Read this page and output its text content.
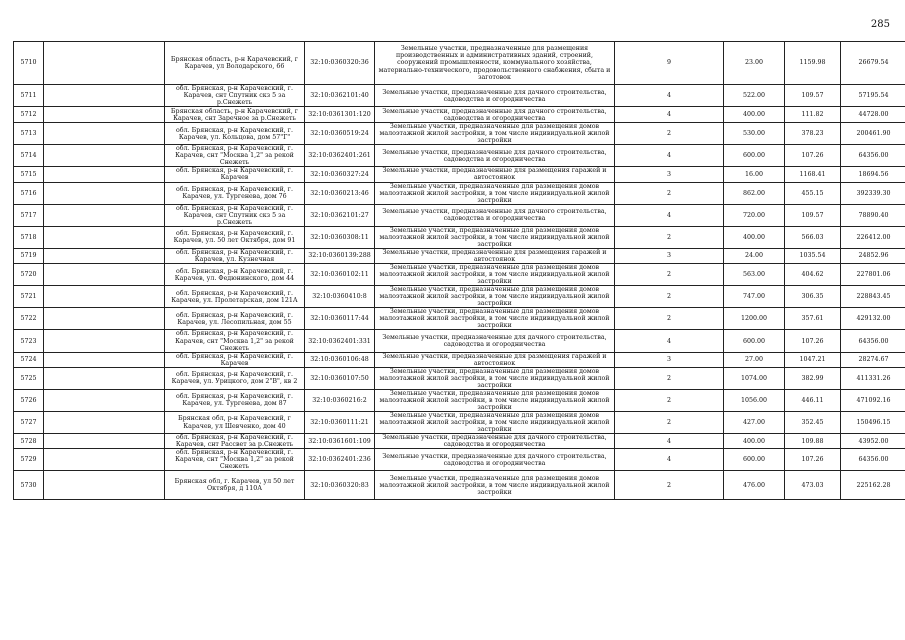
285
5710		Брянская область, р-н Карачевский, г Карачев, ул Володарского, 66	32:10:0360320:36	Земельные участки, предназначенные для размещения производственных и административных зданий, строений, сооружений промышленности, коммунального хозяйства, материально-технического, продовольственного снабжения, сбыта и заготовок	9	23.00	1159.98	26679.54
5711		обл. Брянская, р-н Карачевский, г. Карачев, снт Спутник скз 5 за р.Снежеть	32:10:0362101:40	Земельные участки, предназначенные для дачного строительства, садоводства и огородничества	4	522.00	109.57	57195.54
5712		Брянская область, р-н Карачевский, г Карачев, снт Заречное за р.Снежеть	32:10:0361301:120	Земельные участки, предназначенные для дачного строительства, садоводства и огородничества	4	400.00	111.82	44728.00
5713		обл. Брянская, р-н Карачевский, г. Карачев, ул. Кольцова, дом 57"Г"	32:10:0360519:24	Земельные участки, предназначенные для размещения домов малоэтажной жилой застройки, в том числе индивидуальной жилой застройки	2	530.00	378.23	200461.90
5714		обл. Брянская, р-н Карачевский, г. Карачев, снт "Москва 1,2" за рекой Снежеть	32:10:0362401:261	Земельные участки, предназначенные для дачного строительства, садоводства и огородничества	4	600.00	107.26	64356.00
5715		обл. Брянская, р-н Карачевский, г. Карачев	32:10:0360327:24	Земельные участки, предназначенные для размещения гаражей и автостоянок	3	16.00	1168.41	18694.56
5716		обл. Брянская, р-н Карачевский, г. Карачев, ул. Тургенева, дом 76	32:10:0360213:46	Земельные участки, предназначенные для размещения домов малоэтажной жилой застройки, в том числе индивидуальной жилой застройки	2	862.00	455.15	392339.30
5717		обл. Брянская, р-н Карачевский, г. Карачев, снт Спутник скз 5 за р.Снежеть	32:10:0362101:27	Земельные участки, предназначенные для дачного строительства, садоводства и огородничества	4	720.00	109.57	78890.40
5718		обл. Брянская, р-н Карачевский, г. Карачев, ул. 50 лет Октября, дом 91	32:10:0360308:11	Земельные участки, предназначенные для размещения домов малоэтажной жилой застройки, в том числе индивидуальной жилой застройки	2	400.00	566.03	226412.00
5719		обл. Брянская, р-н Карачевский, г. Карачев, ул. Кузнечная	32:10:0360139:288	Земельные участки, предназначенные для размещения гаражей и автостоянок	3	24.00	1035.54	24852.96
5720		обл. Брянская, р-н Карачевский, г. Карачев, ул. Федюнинского, дом 44	32:10:0360102:11	Земельные участки, предназначенные для размещения домов малоэтажной жилой застройки, в том числе индивидуальной жилой застройки	2	563.00	404.62	227801.06
5721		обл. Брянская, р-н Карачевский, г. Карачев, ул. Пролетарская, дом 121А	32:10:0360410:8	Земельные участки, предназначенные для размещения домов малоэтажной жилой застройки, в том числе индивидуальной жилой застройки	2	747.00	306.35	228843.45
5722		обл. Брянская, р-н Карачевский, г. Карачев, ул. Лесопильная, дом 55	32:10:0360117:44	Земельные участки, предназначенные для размещения домов малоэтажной жилой застройки, в том числе индивидуальной жилой застройки	2	1200.00	357.61	429132.00
5723		обл. Брянская, р-н Карачевский, г. Карачев, снт "Москва 1,2" за рекой Снежеть	32:10:0362401:331	Земельные участки, предназначенные для дачного строительства, садоводства и огородничества	4	600.00	107.26	64356.00
5724		обл. Брянская, р-н Карачевский, г. Карачев	32:10:0360106:48	Земельные участки, предназначенные для размещения гаражей и автостоянок	3	27.00	1047.21	28274.67
5725		обл. Брянская, р-н Карачевский, г. Карачев, ул. Урицкого, дом 2"В", кв 2	32:10:0360107:50	Земельные участки, предназначенные для размещения домов малоэтажной жилой застройки, в том числе индивидуальной жилой застройки	2	1074.00	382.99	411331.26
5726		обл. Брянская, р-н Карачевский, г. Карачев, ул. Тургенева, дом 87	32:10:0360216:2	Земельные участки, предназначенные для размещения домов малоэтажной жилой застройки, в том числе индивидуальной жилой застройки	2	1056.00	446.11	471092.16
5727		Брянская обл, р-н Карачевский, г Карачев, ул Шевченко, дом 40	32:10:0360111:21	Земельные участки, предназначенные для размещения домов малоэтажной жилой застройки, в том числе индивидуальной жилой застройки	2	427.00	352.45	150496.15
5728		обл. Брянская, р-н Карачевский, г. Карачев, снт Рассвет за р.Снежеть	32:10:0361601:109	Земельные участки, предназначенные для дачного строительства, садоводства и огородничества	4	400.00	109.88	43952.00
5729		обл. Брянская, р-н Карачевский, г. Карачев, снт "Москва 1,2" за рекой Снежеть	32:10:0362401:236	Земельные участки, предназначенные для дачного строительства, садоводства и огородничества	4	600.00	107.26	64356.00
5730		Брянская обл, г. Карачев, ул 50 лет Октября, д 110А	32:10:0360320:83	Земельные участки, предназначенные для размещения домов малоэтажной жилой застройки, в том числе индивидуальной жилой застройки	2	476.00	473.03	225162.28
